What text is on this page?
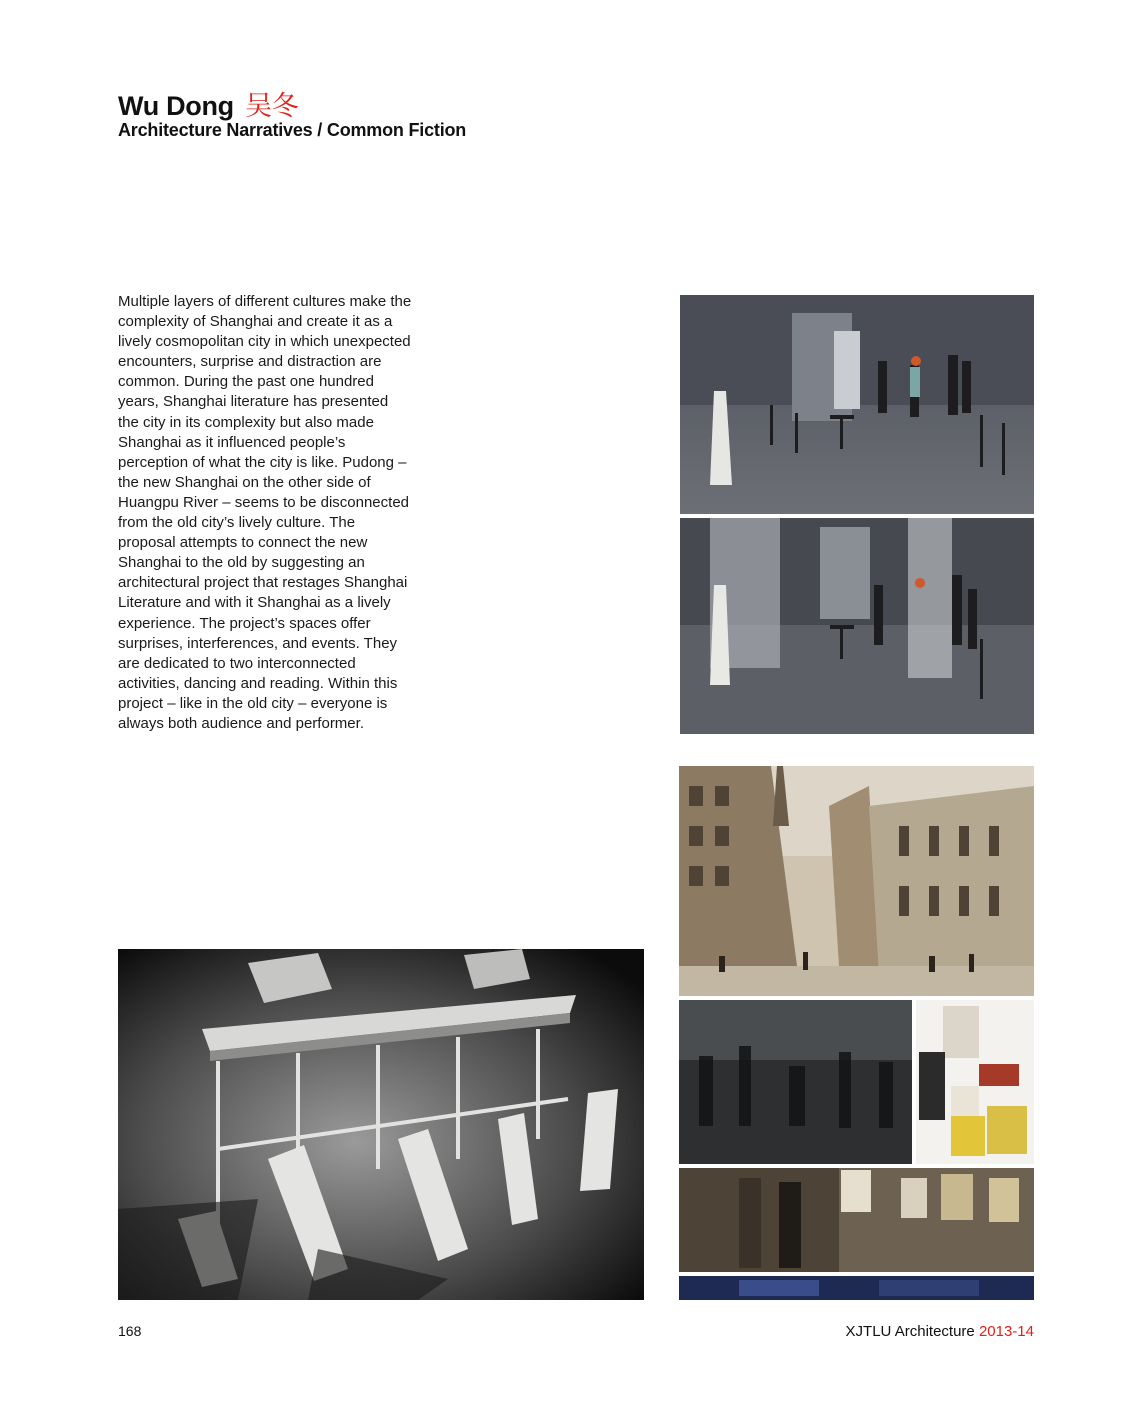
Wu Dong 吴冬
Architecture Narratives / Common Fiction

Multiple layers of different cultures make the complexity of Shanghai and create it as a lively cosmopolitan city in which unexpected encounters, surprise and distraction are common. During the past one hundred years, Shanghai literature has presented the city in its complexity but also made Shanghai as it influenced people’s perception of what the city is like. Pudong – the new Shanghai on the other side of Huangpu River – seems to be disconnected from the old city’s lively culture. The proposal attempts to connect the new Shanghai to the old by suggesting an architectural project that restages Shanghai Literature and with it Shanghai as a lively experience. The project’s spaces offer surprises, interferences, and events. They are dedicated to two interconnected activities, dancing and reading. Within this project – like in the old city – everyone is always both audience and performer.

168	XJTLU Architecture 2013-14
